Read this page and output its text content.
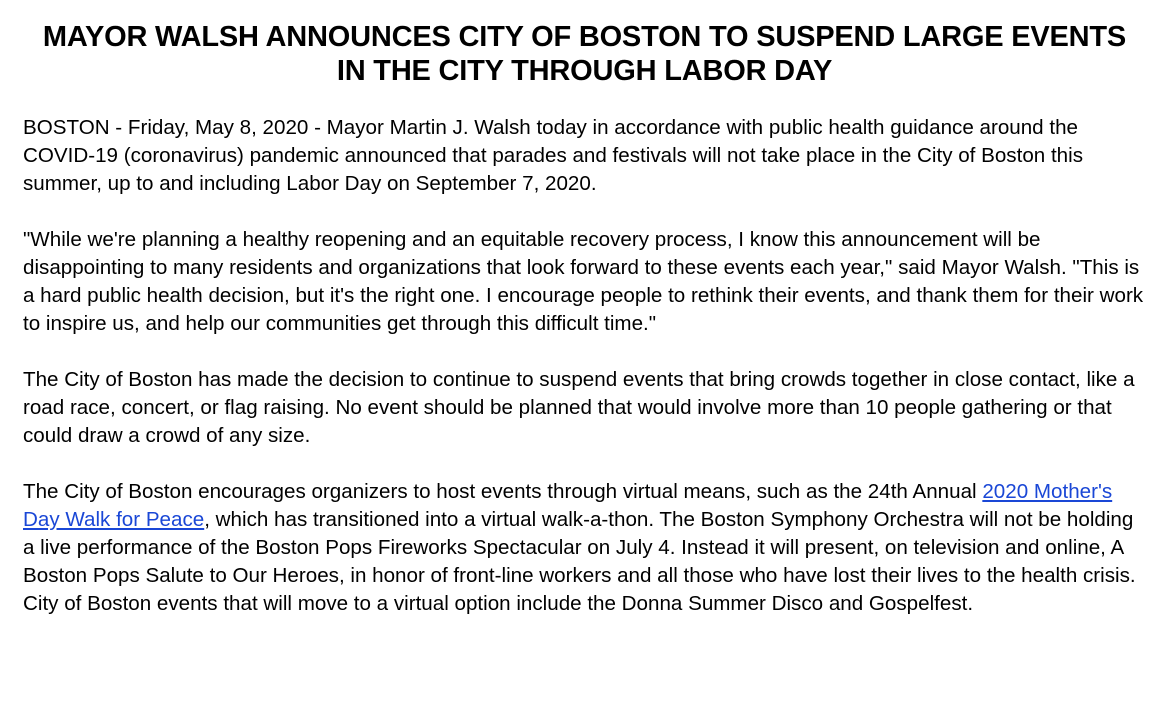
MAYOR WALSH ANNOUNCES CITY OF BOSTON TO SUSPEND LARGE EVENTS IN THE CITY THROUGH LABOR DAY

BOSTON - Friday, May 8, 2020 - Mayor Martin J. Walsh today in accordance with public health guidance around the COVID-19 (coronavirus) pandemic announced that parades and festivals will not take place in the City of Boston this summer, up to and including Labor Day on September 7, 2020.

"While we're planning a healthy reopening and an equitable recovery process, I know this announcement will be disappointing to many residents and organizations that look forward to these events each year," said Mayor Walsh. "This is a hard public health decision, but it's the right one. I encourage people to rethink their events, and thank them for their work to inspire us, and help our communities get through this difficult time."

The City of Boston has made the decision to continue to suspend events that bring crowds together in close contact, like a road race, concert, or flag raising. No event should be planned that would involve more than 10 people gathering or that could draw a crowd of any size.

The City of Boston encourages organizers to host events through virtual means, such as the 24th Annual 2020 Mother's Day Walk for Peace, which has transitioned into a virtual walk-a-thon. The Boston Symphony Orchestra will not be holding a live performance of the Boston Pops Fireworks Spectacular on July 4. Instead it will present, on television and online, A Boston Pops Salute to Our Heroes, in honor of front-line workers and all those who have lost their lives to the health crisis. City of Boston events that will move to a virtual option include the Donna Summer Disco and Gospelfest.
